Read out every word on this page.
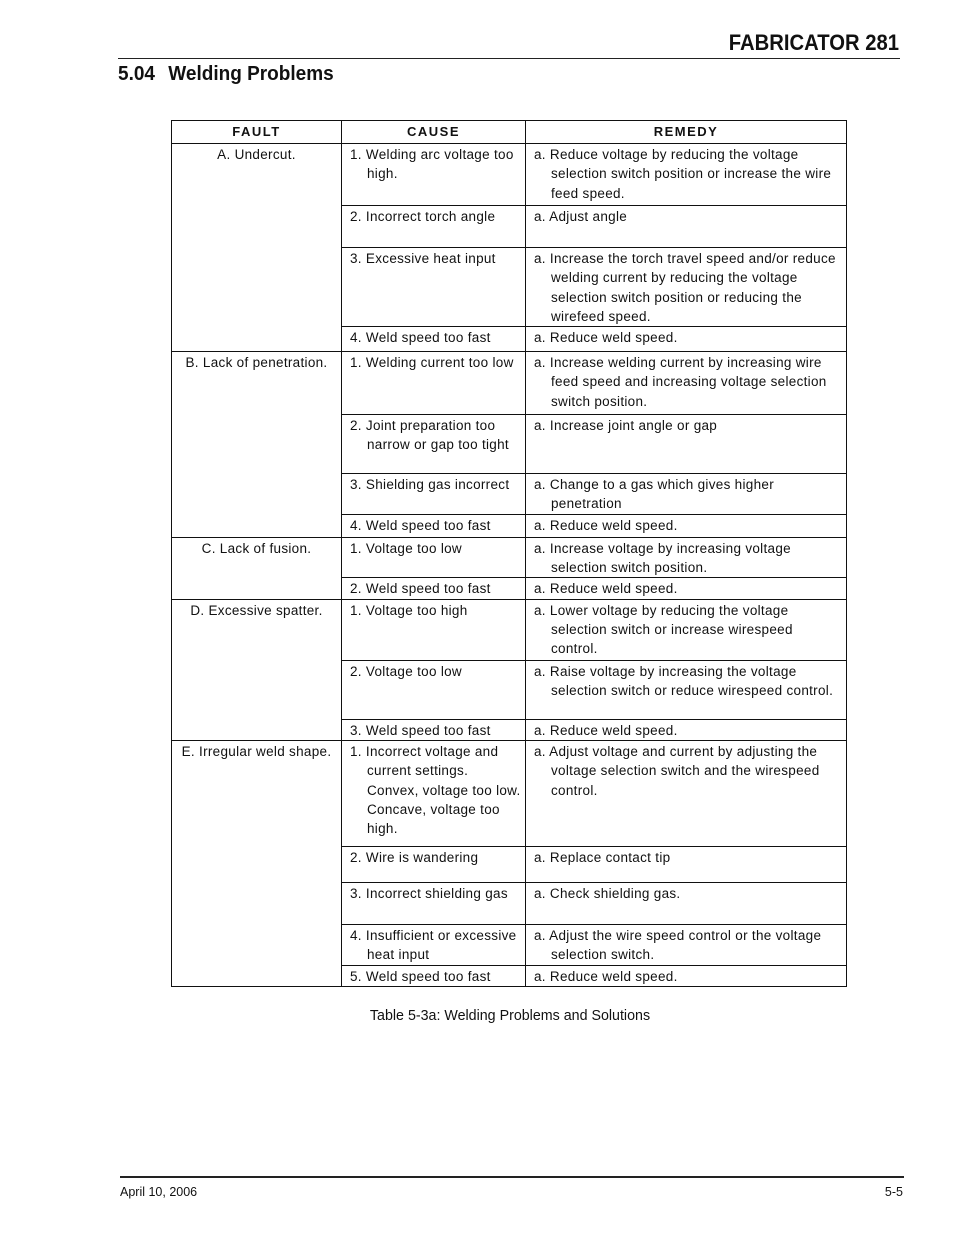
FABRICATOR 281
5.04 Welding Problems
FAULT	CAUSE	REMEDY
A. Undercut.	1. Welding arc voltage too high.	a. Reduce voltage by reducing the voltage selection switch position or increase the wire feed speed.

	2. Incorrect torch angle	a. Adjust angle

	3. Excessive heat input	a. Increase the torch travel speed and/or reduce welding current by reducing the voltage selection switch position or reducing the wirefeed speed.

	4. Weld speed too fast	a. Reduce weld speed.

B. Lack of penetration.	1. Welding current too low	a. Increase welding current by increasing wire feed speed and increasing voltage selection switch position.

	2. Joint preparation too narrow or gap too tight	a. Increase joint angle or gap

	3. Shielding gas incorrect	a. Change to a gas which gives higher penetration

	4. Weld speed too fast	a. Reduce weld speed.

C. Lack of fusion.	1. Voltage too low	a. Increase voltage by increasing voltage selection switch position.

	2. Weld speed too fast	a. Reduce weld speed.

D. Excessive spatter.	1. Voltage too high	a. Lower voltage by reducing the voltage selection switch or increase wirespeed control.

	2. Voltage too low	a. Raise voltage by increasing the voltage selection switch or reduce wirespeed control.

	3. Weld speed too fast	a. Reduce weld speed.

E. Irregular weld shape.	1. Incorrect voltage and current settings. Convex, voltage too low. Concave, voltage too high.	a. Adjust voltage and current by adjusting the voltage selection switch and the wirespeed control.

	2. Wire is wandering	a. Replace contact tip

	3. Incorrect shielding gas	a. Check shielding gas.

	4. Insufficient or excessive heat input	a. Adjust the wire speed control or the voltage selection switch.

	5. Weld speed too fast	a. Reduce weld speed.
Table 5-3a: Welding Problems and Solutions
April 10, 2006	5-5
